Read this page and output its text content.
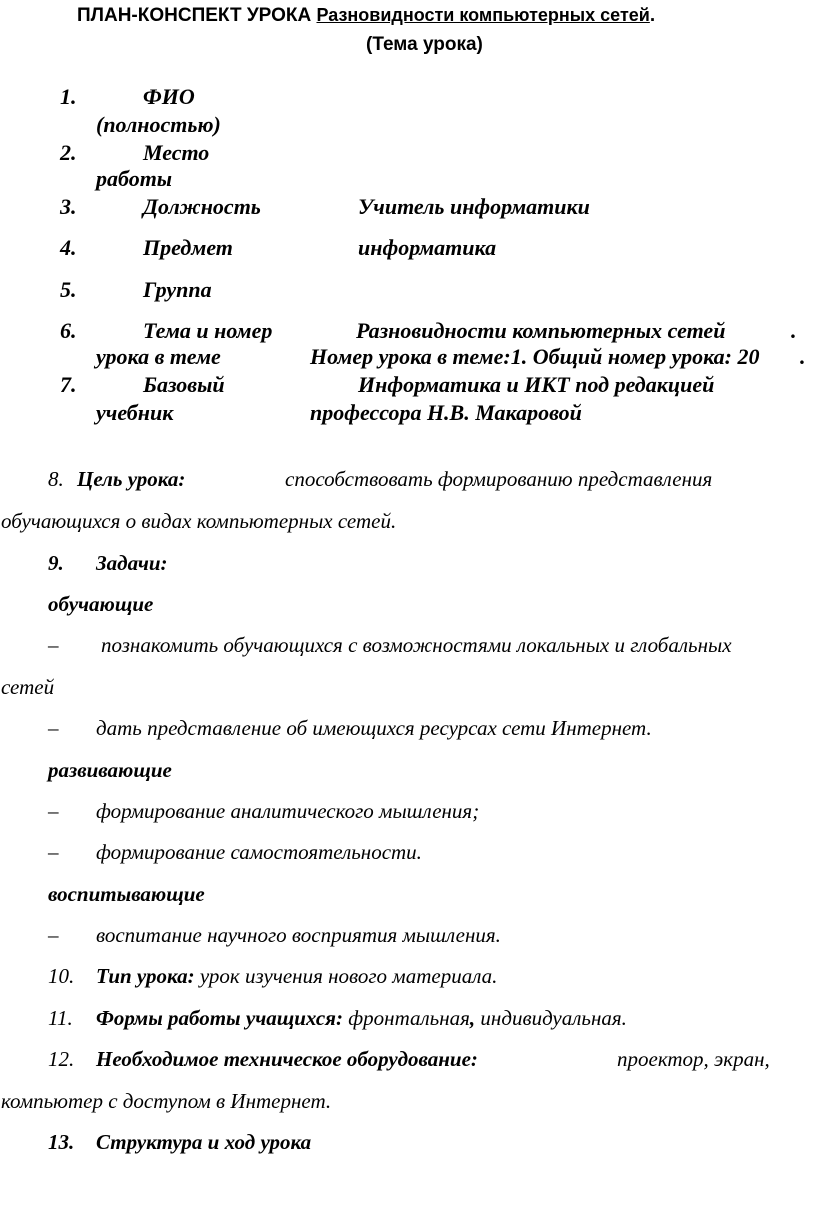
ПЛАН-КОНСПЕКТ УРОКА Разновидности компьютерных сетей.
(Тема урока)
1.	ФИО
(полностью)
2.	Место
работы
3.	Должность	Учитель информатики
4.	Предмет	информатика
5.	Группа
6.	Тема и номер	Разновидности компьютерных сетей	.
урока в теме	Номер урока в теме:1. Общий номер урока: 20 .
7.	Базовый	Информатика и ИКТ под редакцией
учебник	профессора Н.В. Макаровой
8. Цель урока:	способствовать формированию представления
обучающихся о видах компьютерных сетей.
9. Задачи:
обучающие
– познакомить обучающихся с возможностями локальных и глобальных
сетей
– дать представление об имеющихся ресурсах сети Интернет.
развивающие
– формирование аналитического мышления;
– формирование самостоятельности.
воспитывающие
– воспитание научного восприятия мышления.
10. Тип урока: урок изучения нового материала.
11. Формы работы учащихся: фронтальная, индивидуальная.
12. Необходимое техническое оборудование:	проектор, экран,
компьютер с доступом в Интернет.
13. Структура и ход урока
